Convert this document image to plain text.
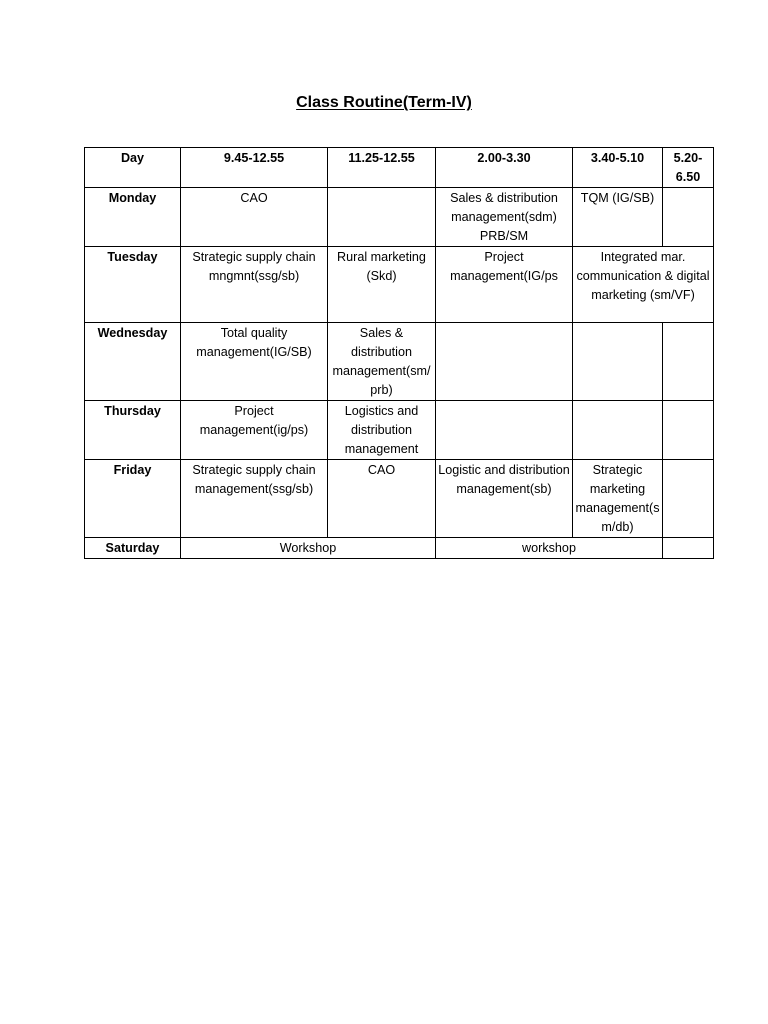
Class Routine(Term-IV)
Day	9.45-12.55	11.25-12.55	2.00-3.30	3.40-5.10	5.20-6.50
Monday	CAO		Sales & distribution management(sdm) PRB/SM	TQM (IG/SB)	
Tuesday	Strategic supply chain mngmnt(ssg/sb)	Rural marketing (Skd)	Project management(IG/ps	Integrated mar. communication & digital marketing (sm/VF)	
Wednesday	Total quality management(IG/SB)	Sales & distribution management(sm/prb)			
Thursday	Project management(ig/ps)	Logistics and distribution management			
Friday	Strategic supply chain management(ssg/sb)	CAO	Logistic and distribution management(sb)	Strategic marketing management(sm/db)	
Saturday	Workshop		workshop		
